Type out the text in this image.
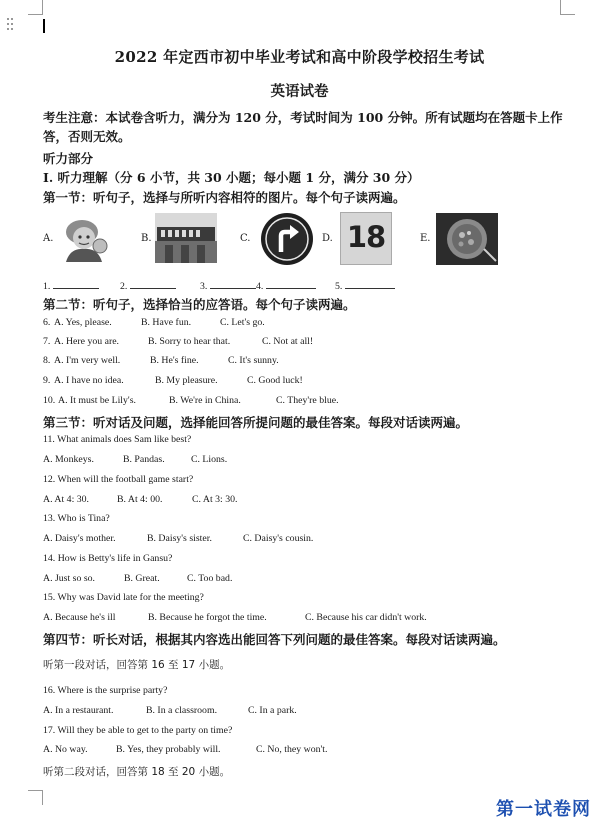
2022 年定西市初中毕业考试和高中阶段学校招生考试
英语试卷
考生注意：本试卷含听力，满分为 120 分，考试时间为 100 分钟。所有试题均在答题卡上作
答，否则无效。
听力部分
Ⅰ. 听力理解（分 6 小节，共 30 小题；每小题 1 分，满分 30 分）
第一节：听句子，选择与所听内容相符的图片。每个句子读两遍。
A.	B.	C.	D. 18	E.
1.	2.	3.	4.	5.
第二节：听句子，选择恰当的应答语。每个句子读两遍。
6. A. Yes, please.	B. Have fun.	C. Let's go.
7. A. Here you are.	B. Sorry to hear that.	C. Not at all!
8. A. I'm very well.	B. He's fine.	C. It's sunny.
9. A. I have no idea.	B. My pleasure.	C. Good luck!
10. A. It must be Lily's.	B. We're in China.	C. They're blue.
第三节：听对话及问题，选择能回答所提问题的最佳答案。每段对话读两遍。
11. What animals does Sam like best?
A. Monkeys.	B. Pandas.	C. Lions.
12. When will the football game start?
A. At 4: 30.	B. At 4: 00.	C. At 3: 30.
13. Who is Tina?
A. Daisy's mother.	B. Daisy's sister.	C. Daisy's cousin.
14. How is Betty's life in Gansu?
A. Just so so.	B. Great.	C. Too bad.
15. Why was David late for the meeting?
A. Because he's ill	B. Because he forgot the time.	C. Because his car didn't work.
第四节：听长对话，根据其内容选出能回答下列问题的最佳答案。每段对话读两遍。
听第一段对话，回答第 16 至 17 小题。
16. Where is the surprise party?
A. In a restaurant.	B. In a classroom.	C. In a park.
17. Will they be able to get to the party on time?
A. No way.	B. Yes, they probably will.	C. No, they won't.
听第二段对话，回答第 18 至 20 小题。
第一试卷网
